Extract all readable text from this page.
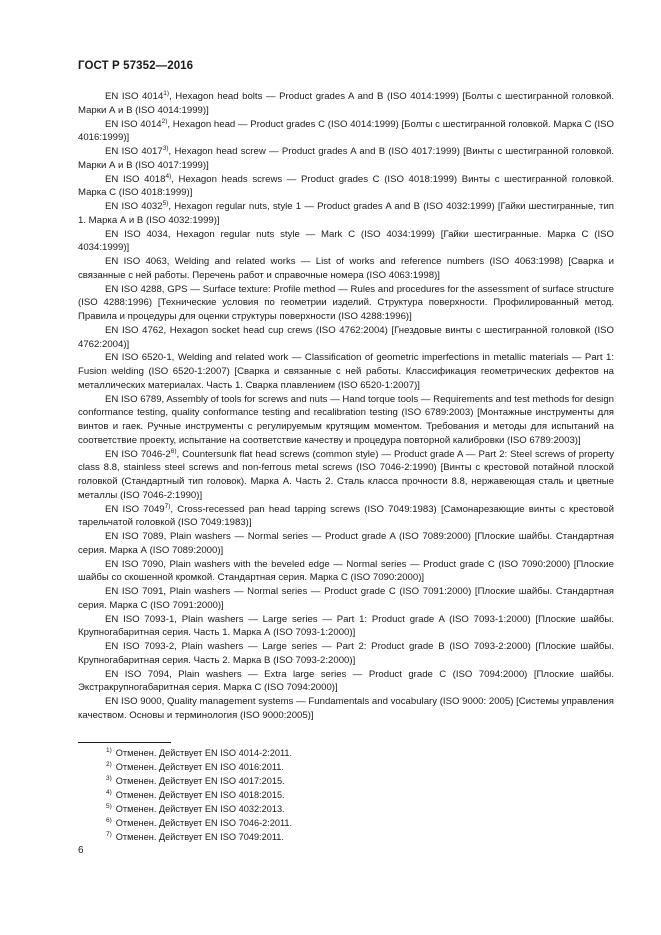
ГОСТ Р 57352—2016

EN ISO 4014$^{1)}$, Hexagon head bolts — Product grades A and B (ISO 4014:1999) [Болты с шестигранной головкой. Марки А и В (ISO 4014:1999)]

EN ISO 4014$^{2)}$, Hexagon head — Product grades C (ISO 4014:1999) [Болты с шестигранной головкой. Марка С (ISO 4016:1999)]

EN ISO 4017$^{3)}$, Hexagon head screw — Product grades A and B (ISO 4017:1999) [Винты с шестигранной головкой. Марки А и В (ISO 4017:1999)]

EN ISO 4018$^{4)}$, Hexagon heads screws — Product grades C (ISO 4018:1999) Винты с шестигранной головкой. Марка С (ISO 4018:1999)]

EN ISO 4032$^{5)}$, Hexagon regular nuts, style 1 — Product grades A and B (ISO 4032:1999) [Гайки шестигранные, тип 1. Марка А и В (ISO 4032:1999)]

EN ISO 4034, Hexagon regular nuts style — Mark C (ISO 4034:1999) [Гайки шестигранные. Марка С (ISO 4034:1999)]

EN ISO 4063, Welding and related works — List of works and reference numbers (ISO 4063:1998) [Сварка и связанные с ней работы. Перечень работ и справочные номера (ISO 4063:1998)]

EN ISO 4288, GPS — Surface texture: Profile method — Rules and procedures for the assessment of surface structure (ISO 4288:1996) [Технические условия по геометрии изделий. Структура поверхности. Профилированный метод. Правила и процедуры для оценки структуры поверхности (ISO 4288:1996)]

EN ISO 4762, Hexagon socket head cup crews (ISO 4762:2004) [Гнездовые винты с шестигранной головкой (ISO 4762:2004)]

EN ISO 6520-1, Welding and related work — Classification of geometric imperfections in metallic materials — Part 1: Fusion welding (ISO 6520-1:2007) [Сварка и связанные с ней работы. Классификация геометрических дефектов на металлических материалах. Часть 1. Сварка плавлением (ISO 6520-1:2007)]

EN ISO 6789, Assembly of tools for screws and nuts — Hand torque tools — Requirements and test methods for design conformance testing, quality conformance testing and recalibration testing (ISO 6789:2003) [Монтажные инструменты для винтов и гаек. Ручные инструменты с регулируемым крутящим моментом. Требования и методы для испытаний на соответствие проекту, испытание на соответствие качеству и процедура повторной калибровки (ISO 6789:2003)]

EN ISO 7046-2$^{6)}$, Countersunk flat head screws (common style) — Product grade A — Part 2: Steel screws of property class 8.8, stainless steel screws and non-ferrous metal screws (ISO 7046-2:1990) [Винты с крестовой потайной плоской головкой (Стандартный тип головок). Марка А. Часть 2. Сталь класса прочности 8.8, нержавеющая сталь и цветные металлы (ISO 7046-2:1990)]

EN ISO 7049$^{7)}$, Cross-recessed pan head tapping screws (ISO 7049:1983) [Самонарезающие винты с крестовой тарельчатой головкой (ISO 7049:1983)]

EN ISO 7089, Plain washers — Normal series — Product grade A (ISO 7089:2000) [Плоские шайбы. Стандартная серия. Марка А (ISO 7089:2000)]

EN ISO 7090, Plain washers with the beveled edge — Normal series — Product grade C (ISO 7090:2000) [Плоские шайбы со скошенной кромкой. Стандартная серия. Марка С (ISO 7090:2000)]

EN ISO 7091, Plain washers — Normal series — Product grade C (ISO 7091:2000) [Плоские шайбы. Стандартная серия. Марка С (ISO 7091:2000)]

EN ISO 7093-1, Plain washers — Large series — Part 1: Product grade A (ISO 7093-1:2000) [Плоские шайбы. Крупногабаритная серия. Часть 1. Марка А (ISO 7093-1:2000)]

EN ISO 7093-2, Plain washers — Large series — Part 2: Product grade B (ISO 7093-2:2000) [Плоские шайбы. Крупногабаритная серия. Часть 2. Марка В (ISO 7093-2:2000)]

EN ISO 7094, Plain washers — Extra large series — Product grade C (ISO 7094:2000) [Плоские шайбы. Экстракрупногабаритная серия. Марка С (ISO 7094:2000)]

EN ISO 9000, Quality management systems — Fundamentals and vocabulary (ISO 9000: 2005) [Системы управления качеством. Основы и терминология (ISO 9000:2005)]

$^{1)}$ Отменен. Действует EN ISO 4014-2:2011.

$^{2)}$ Отменен. Действует EN ISO 4016:2011.

$^{3)}$ Отменен. Действует EN ISO 4017:2015.

$^{4)}$ Отменен. Действует EN ISO 4018:2015.

$^{5)}$ Отменен. Действует EN ISO 4032:2013.

$^{6)}$ Отменен. Действует EN ISO 7046-2:2011.

$^{7)}$ Отменен. Действует EN ISO 7049:2011.

6
